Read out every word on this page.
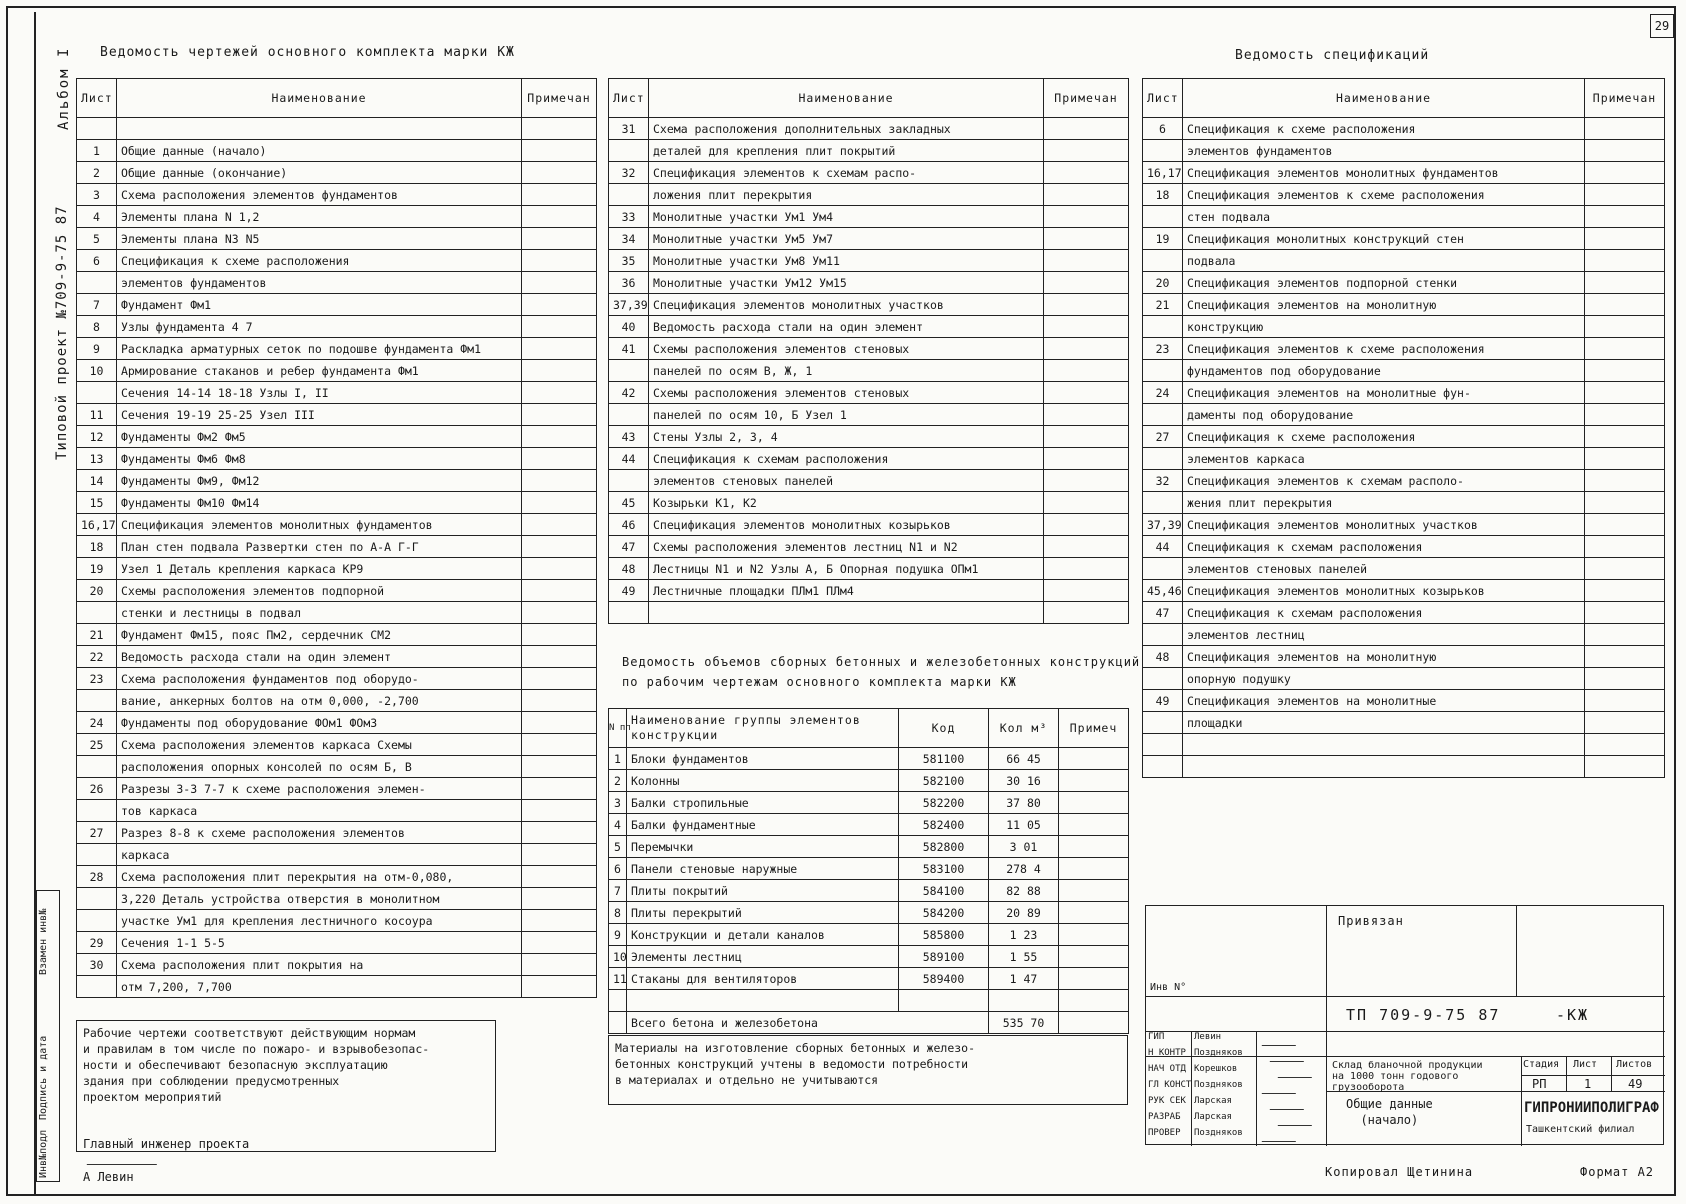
29
Альбом I
Типовой проект №709-9-75 87
Инв№подл
Подпись и дата
Взамен инв№
Ведомость чертежей основного комплекта марки КЖ	Ведомость спецификаций
Лист	Наименование	Примечан

1	Общие данные (начало)	
2	Общие данные (окончание)	
3	Схема расположения элементов фундаментов	
4	Элементы плана N 1,2	
5	Элементы плана N3 N5	
6	Спецификация к схеме расположения	
	элементов фундаментов	
7	Фундамент Фм1	
8	Узлы фундамента 4 7	
9	Раскладка арматурных сеток по подошве фундамента Фм1	
10	Армирование стаканов и ребер фундамента Фм1	
	Сечения 14-14 18-18 Узлы I, II	
11	Сечения 19-19 25-25 Узел III	
12	Фундаменты Фм2 Фм5	
13	Фундаменты Фм6 Фм8	
14	Фундаменты Фм9, Фм12	
15	Фундаменты Фм10 Фм14	
16,17	Спецификация элементов монолитных фундаментов	
18	План стен подвала Развертки стен по А-А Г-Г	
19	Узел 1 Деталь крепления каркаса КР9	
20	Схемы расположения элементов подпорной	
	стенки и лестницы в подвал	
21	Фундамент Фм15, пояс Пм2, сердечник СМ2	
22	Ведомость расхода стали на один элемент	
23	Схема расположения фундаментов под оборудо-	
	вание, анкерных болтов на отм 0,000, -2,700	
24	Фундаменты под оборудование ФОм1 ФОм3	
25	Схема расположения элементов каркаса Схемы	
	расположения опорных консолей по осям Б, В	
26	Разрезы 3-3 7-7 к схеме расположения элемен-	
	тов каркаса	
27	Разрез 8-8 к схеме расположения элементов	
	каркаса	
28	Схема расположения плит перекрытия на отм-0,080,	
	3,220 Деталь устройства отверстия в монолитном	
	участке Ум1 для крепления лестничного косоура	
29	Сечения 1-1 5-5	
30	Схема расположения плит покрытия на	
	отм 7,200, 7,700	
Лист	Наименование	Примечан
31	Схема расположения дополнительных закладных	
	деталей для крепления плит покрытий	
32	Спецификация элементов к схемам распо-	
	ложения плит перекрытия	
33	Монолитные участки Ум1 Ум4	
34	Монолитные участки Ум5 Ум7	
35	Монолитные участки Ум8 Ум11	
36	Монолитные участки Ум12 Ум15	
37,39	Спецификация элементов монолитных участков	
40	Ведомость расхода стали на один элемент	
41	Схемы расположения элементов стеновых	
	панелей по осям В, Ж, 1	
42	Схемы расположения элементов стеновых	
	панелей по осям 10, Б Узел 1	
43	Стены Узлы 2, 3, 4	
44	Спецификация к схемам расположения	
	элементов стеновых панелей	
45	Козырьки К1, К2	
46	Спецификация элементов монолитных козырьков	
47	Схемы расположения элементов лестниц N1 и N2	
48	Лестницы N1 и N2 Узлы А, Б Опорная подушка ОПм1	
49	Лестничные площадки ПЛм1 ПЛм4	

Лист	Наименование	Примечан
6	Спецификация к схеме расположения	
	элементов фундаментов	
16,17	Спецификация элементов монолитных фундаментов	
18	Спецификация элементов к схеме расположения	
	стен подвала	
19	Спецификация монолитных конструкций стен	
	подвала	
20	Спецификация элементов подпорной стенки	
21	Спецификация элементов на монолитную	
	конструкцию	
23	Спецификация элементов к схеме расположения	
	фундаментов под оборудование	
24	Спецификация элементов на монолитные фун-	
	даменты под оборудование	
27	Спецификация к схеме расположения	
	элементов каркаса	
32	Спецификация элементов к схемам располо-	
	жения плит перекрытия	
37,39	Спецификация элементов монолитных участков	
44	Спецификация к схемам расположения	
	элементов стеновых панелей	
45,46	Спецификация элементов монолитных козырьков	
47	Спецификация к схемам расположения	
	элементов лестниц	
48	Спецификация элементов на монолитную	
	опорную подушку	
49	Спецификация элементов на монолитные	
	площадки	

Ведомость объемов сборных бетонных и железобетонных конструкций
по рабочим чертежам основного комплекта марки КЖ
N пп	Наименование группы элементов конструкции	Код	Кол м³	Примеч
1	Блоки фундаментов	581100	66 45	
2	Колонны	582100	30 16	
3	Балки стропильные	582200	37 80	
4	Балки фундаментные	582400	11 05	
5	Перемычки	582800	3 01	
6	Панели стеновые наружные	583100	278 4	
7	Плиты покрытий	584100	82 88	
8	Плиты перекрытий	584200	20 89	
9	Конструкции и детали каналов	585800	1 23	
10	Элементы лестниц	589100	1 55	
11	Стаканы для вентиляторов	589400	1 47	

	Всего бетона и железобетона		535 70	
Материалы на изготовление сборных бетонных и железо-
бетонных конструкций учтены в ведомости потребности
в материалах и отдельно не учитываются
Рабочие чертежи соответствуют действующим нормам
и правилам в том числе по пожаро- и взрывобезопас-
ности и обеспечивают безопасную эксплуатацию
здания при соблюдении предусмотренных
проектом мероприятий

Главный инженер проекта

А Левин

Привязан
Инв N°
ТП 709-9-75 87	-КЖ
ГИП	Левин
Н КОНТР Поздняков
НАЧ ОТД Корешков
ГЛ КОНСТ Поздняков
РУК СЕК Ларская
РАЗРАБ Ларская
ПРОВЕР Поздняков
Склад бланочной продукции
на 1000 тонн годового
грузооборота
Общие данные
(начало)
Стадия Лист Листов
РП	1	49
ГИПРОНИИПОЛИГРАФ
Ташкентский филиал
Копировал Щетинина	Формат А2
